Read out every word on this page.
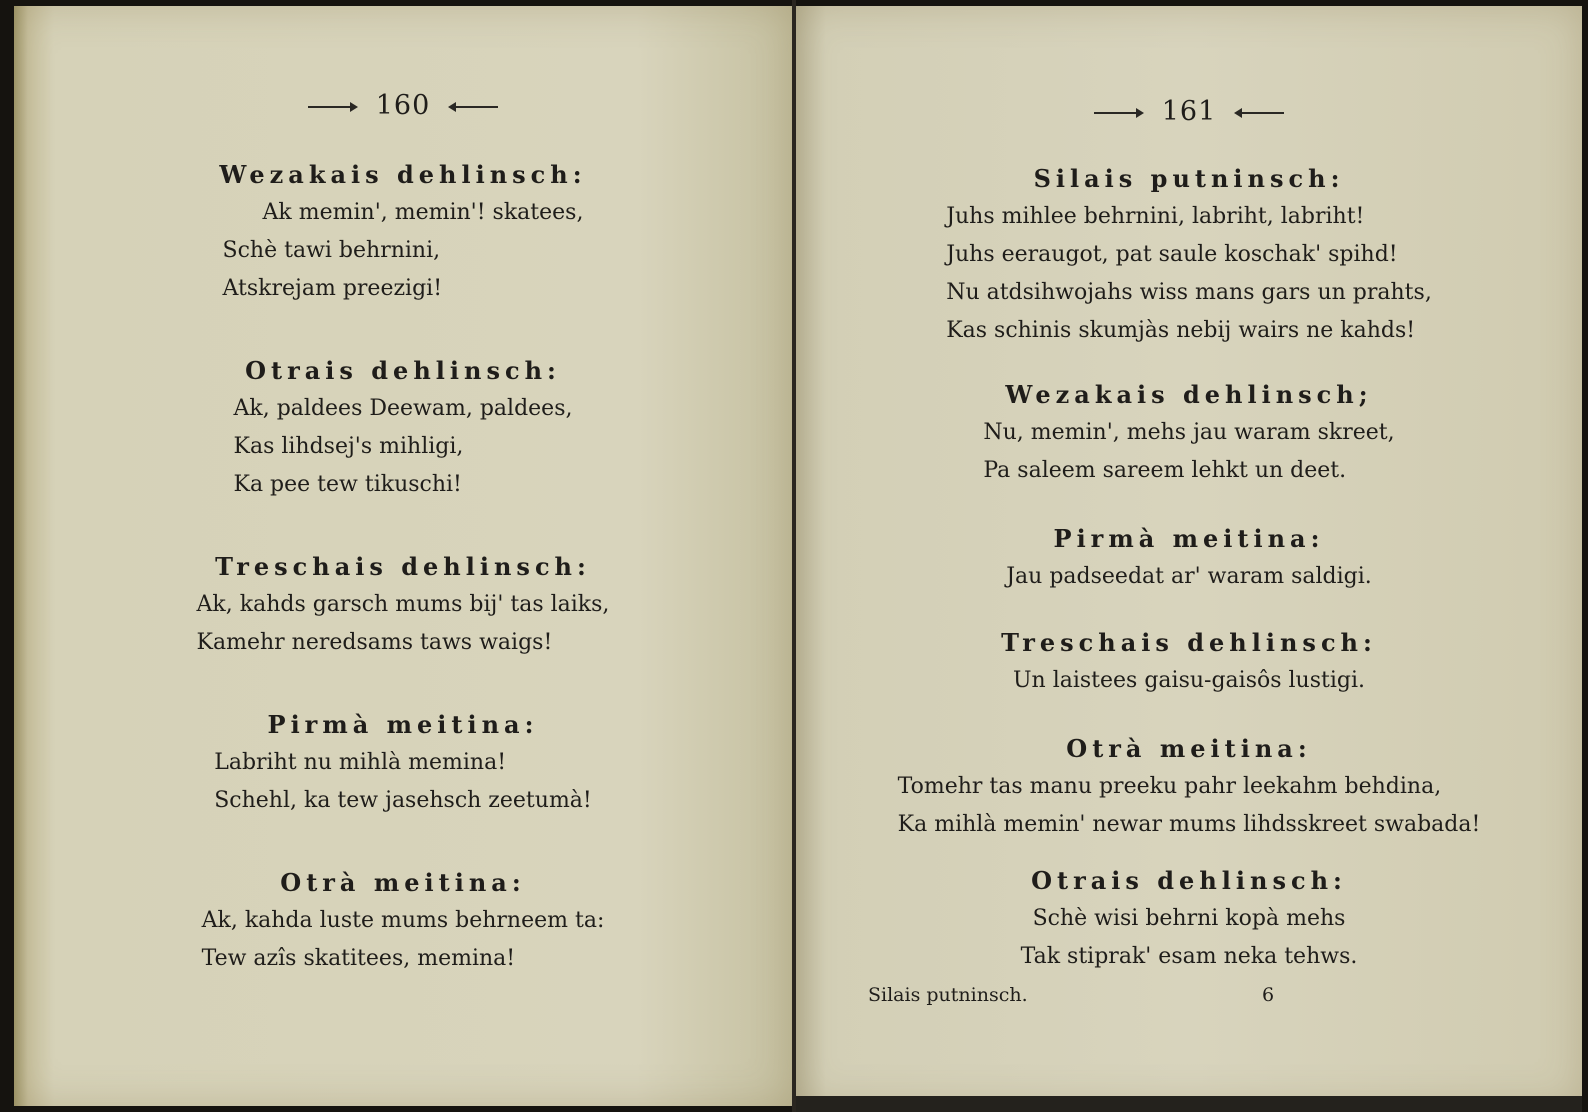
160
Wezakais dehlinsch:
Ak memin', memin'! skatees,
Schè tawi behrnini,
Atskrejam preezigi!
Otrais dehlinsch:
Ak, paldees Deewam, paldees,
Kas lihdsej's mihligi,
Ka pee tew tikuschi!
Treschais dehlinsch:
Ak, kahds garsch mums bij' tas laiks,
Kamehr neredsams taws waigs!
Pirmà meitina:
Labriht nu mihlà memina!
Schehl, ka tew jasehsch zeetumà!
Otrà meitina:
Ak, kahda luste mums behrneem ta:
Tew azîs skatitees, memina!
161
Silais putninsch:
Juhs mihlee behrnini, labriht, labriht!
Juhs eeraugot, pat saule koschak' spihd!
Nu atdsihwojahs wiss mans gars un prahts,
Kas schinis skumjàs nebij wairs ne kahds!
Wezakais dehlinsch;
Nu, memin', mehs jau waram skreet,
Pa saleem sareem lehkt un deet.
Pirmà meitina:
Jau padseedat ar' waram saldigi.
Treschais dehlinsch:
Un laistees gaisu-gaisôs lustigi.
Otrà meitina:
Tomehr tas manu preeku pahr leekahm behdina,
Ka mihlà memin' newar mums lihdsskreet swabada!
Otrais dehlinsch:
Schè wisi behrni kopà mehs
Tak stiprak' esam neka tehws.
Silais putninsch.	6
